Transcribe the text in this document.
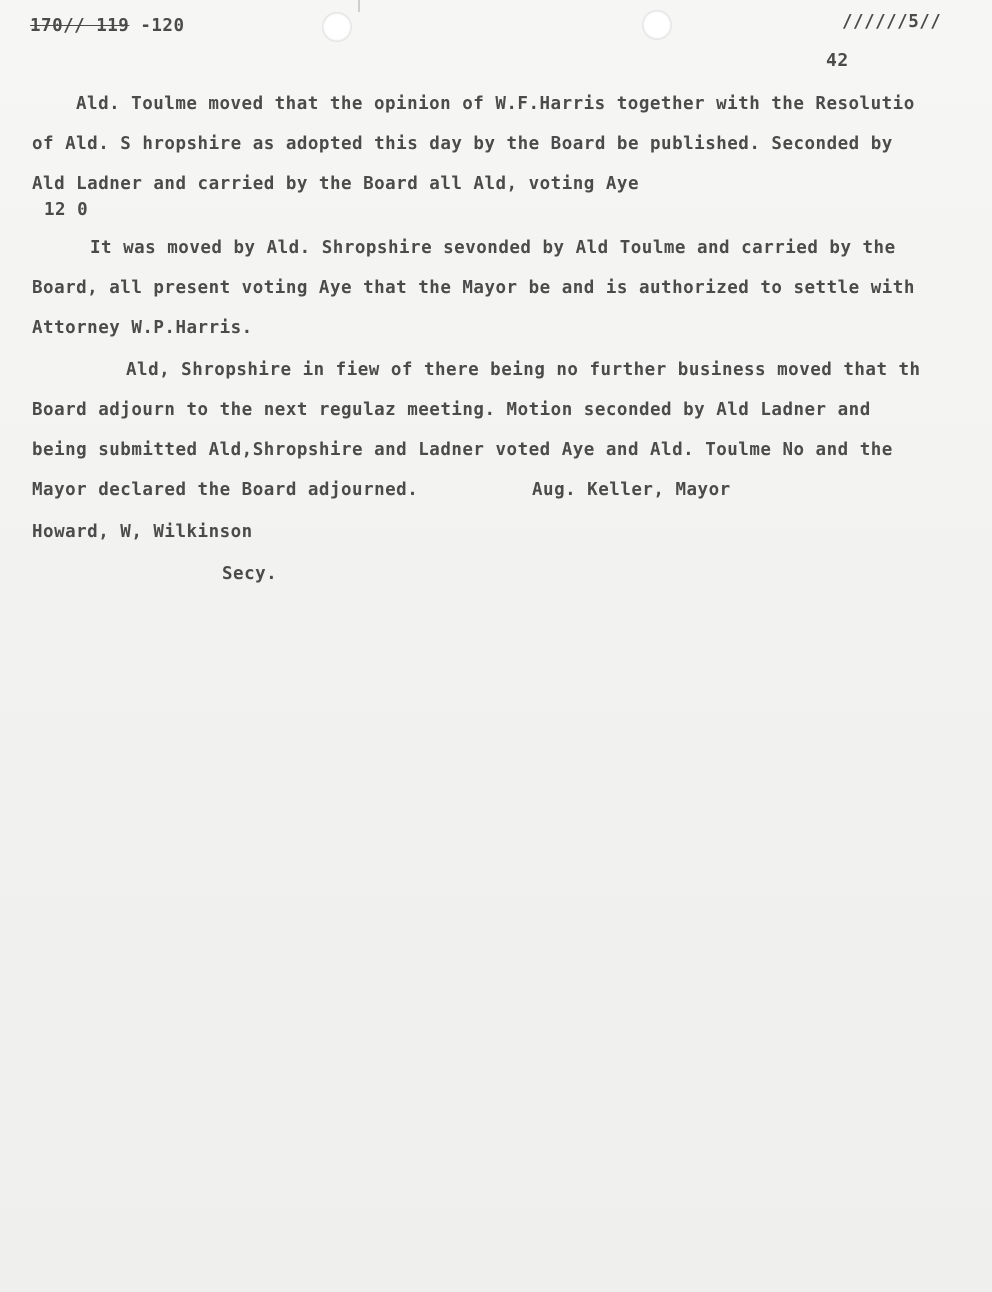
170// 119 -120	//////5//
42
Ald. Toulme moved that the opinion of W.F.Harris together with the Resolutio
of Ald. S hropshire as adopted this day by the Board be published. Seconded by
Ald Ladner and carried by the Board all Ald, voting Aye
12 0
It was moved by Ald. Shropshire sevonded by Ald Toulme and carried by the
Board, all present voting Aye that the Mayor be and is authorized to settle with
Attorney W.P.Harris.
Ald, Shropshire in fiew of there being no further business moved that th
Board adjourn to the next regulaz meeting. Motion seconded by Ald Ladner and
being submitted Ald,Shropshire and Ladner voted Aye and Ald. Toulme No and the
Mayor declared the Board adjourned.	Aug. Keller, Mayor
Howard, W, Wilkinson
Secy.
